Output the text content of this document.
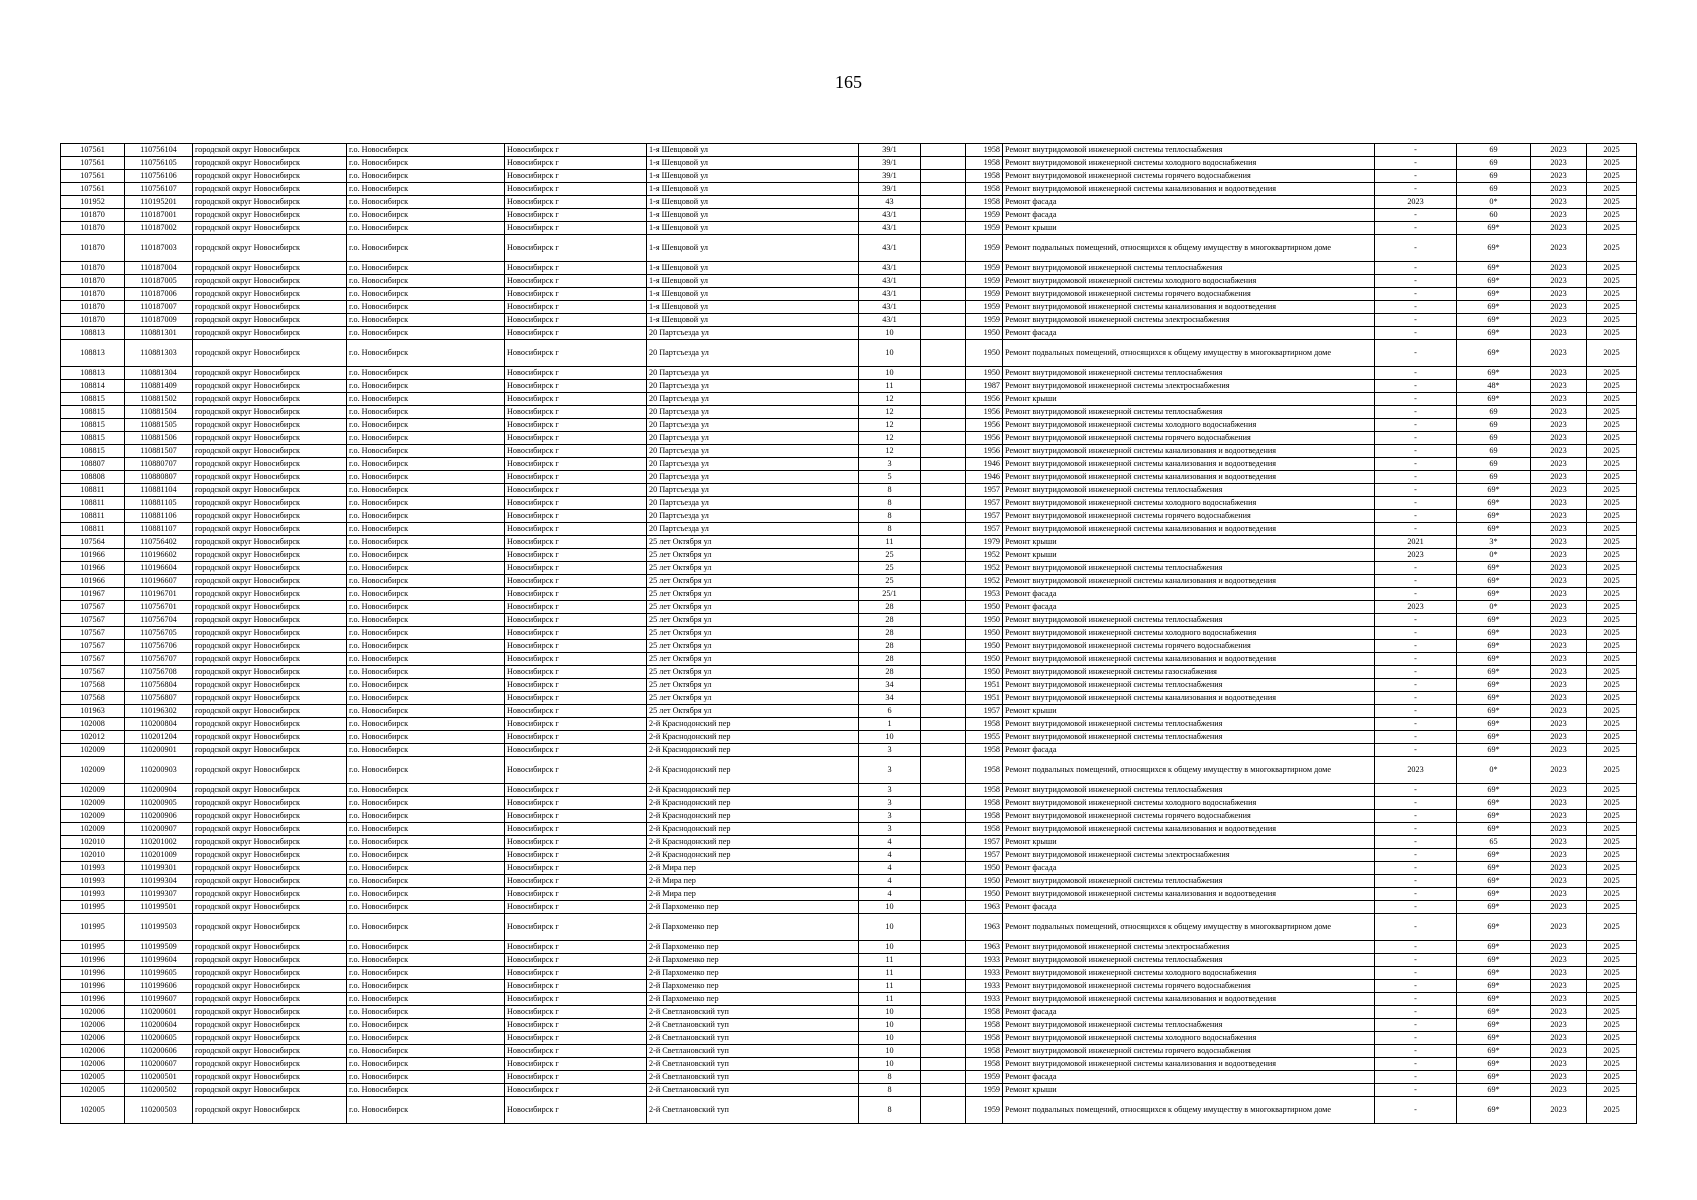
165
107561	110756104	городской округ Новосибирск	г.о. Новосибирск	Новосибирск г	1-я Шевцовой ул	39/1		1958	Ремонт внутридомовой инженерной системы теплоснабжения	-	69	2023	2025
107561	110756105	городской округ Новосибирск	г.о. Новосибирск	Новосибирск г	1-я Шевцовой ул	39/1		1958	Ремонт внутридомовой инженерной системы холодного водоснабжения	-	69	2023	2025
107561	110756106	городской округ Новосибирск	г.о. Новосибирск	Новосибирск г	1-я Шевцовой ул	39/1		1958	Ремонт внутридомовой инженерной системы горячего водоснабжения	-	69	2023	2025
107561	110756107	городской округ Новосибирск	г.о. Новосибирск	Новосибирск г	1-я Шевцовой ул	39/1		1958	Ремонт внутридомовой инженерной системы канализования и водоотведения	-	69	2023	2025
101952	110195201	городской округ Новосибирск	г.о. Новосибирск	Новосибирск г	1-я Шевцовой ул	43		1958	Ремонт фасада	2023	0*	2023	2025
101870	110187001	городской округ Новосибирск	г.о. Новосибирск	Новосибирск г	1-я Шевцовой ул	43/1		1959	Ремонт фасада	-	60	2023	2025
101870	110187002	городской округ Новосибирск	г.о. Новосибирск	Новосибирск г	1-я Шевцовой ул	43/1		1959	Ремонт крыши	-	69*	2023	2025
101870	110187003	городской округ Новосибирск	г.о. Новосибирск	Новосибирск г	1-я Шевцовой ул	43/1		1959	Ремонт подвальных помещений, относящихся к общему имуществу в многоквартирном доме	-	69*	2023	2025
101870	110187004	городской округ Новосибирск	г.о. Новосибирск	Новосибирск г	1-я Шевцовой ул	43/1		1959	Ремонт внутридомовой инженерной системы теплоснабжения	-	69*	2023	2025
101870	110187005	городской округ Новосибирск	г.о. Новосибирск	Новосибирск г	1-я Шевцовой ул	43/1		1959	Ремонт внутридомовой инженерной системы холодного водоснабжения	-	69*	2023	2025
101870	110187006	городской округ Новосибирск	г.о. Новосибирск	Новосибирск г	1-я Шевцовой ул	43/1		1959	Ремонт внутридомовой инженерной системы горячего водоснабжения	-	69*	2023	2025
101870	110187007	городской округ Новосибирск	г.о. Новосибирск	Новосибирск г	1-я Шевцовой ул	43/1		1959	Ремонт внутридомовой инженерной системы канализования и водоотведения	-	69*	2023	2025
101870	110187009	городской округ Новосибирск	г.о. Новосибирск	Новосибирск г	1-я Шевцовой ул	43/1		1959	Ремонт внутридомовой инженерной системы электроснабжения	-	69*	2023	2025
108813	110881301	городской округ Новосибирск	г.о. Новосибирск	Новосибирск г	20 Партсъезда ул	10		1950	Ремонт фасада	-	69*	2023	2025
108813	110881303	городской округ Новосибирск	г.о. Новосибирск	Новосибирск г	20 Партсъезда ул	10		1950	Ремонт подвальных помещений, относящихся к общему имуществу в многоквартирном доме	-	69*	2023	2025
108813	110881304	городской округ Новосибирск	г.о. Новосибирск	Новосибирск г	20 Партсъезда ул	10		1950	Ремонт внутридомовой инженерной системы теплоснабжения	-	69*	2023	2025
108814	110881409	городской округ Новосибирск	г.о. Новосибирск	Новосибирск г	20 Партсъезда ул	11		1987	Ремонт внутридомовой инженерной системы электроснабжения	-	48*	2023	2025
108815	110881502	городской округ Новосибирск	г.о. Новосибирск	Новосибирск г	20 Партсъезда ул	12		1956	Ремонт крыши	-	69*	2023	2025
108815	110881504	городской округ Новосибирск	г.о. Новосибирск	Новосибирск г	20 Партсъезда ул	12		1956	Ремонт внутридомовой инженерной системы теплоснабжения	-	69	2023	2025
108815	110881505	городской округ Новосибирск	г.о. Новосибирск	Новосибирск г	20 Партсъезда ул	12		1956	Ремонт внутридомовой инженерной системы холодного водоснабжения	-	69	2023	2025
108815	110881506	городской округ Новосибирск	г.о. Новосибирск	Новосибирск г	20 Партсъезда ул	12		1956	Ремонт внутридомовой инженерной системы горячего водоснабжения	-	69	2023	2025
108815	110881507	городской округ Новосибирск	г.о. Новосибирск	Новосибирск г	20 Партсъезда ул	12		1956	Ремонт внутридомовой инженерной системы канализования и водоотведения	-	69	2023	2025
108807	110880707	городской округ Новосибирск	г.о. Новосибирск	Новосибирск г	20 Партсъезда ул	3		1946	Ремонт внутридомовой инженерной системы канализования и водоотведения	-	69	2023	2025
108808	110880807	городской округ Новосибирск	г.о. Новосибирск	Новосибирск г	20 Партсъезда ул	5		1946	Ремонт внутридомовой инженерной системы канализования и водоотведения	-	69	2023	2025
108811	110881104	городской округ Новосибирск	г.о. Новосибирск	Новосибирск г	20 Партсъезда ул	8		1957	Ремонт внутридомовой инженерной системы теплоснабжения	-	69*	2023	2025
108811	110881105	городской округ Новосибирск	г.о. Новосибирск	Новосибирск г	20 Партсъезда ул	8		1957	Ремонт внутридомовой инженерной системы холодного водоснабжения	-	69*	2023	2025
108811	110881106	городской округ Новосибирск	г.о. Новосибирск	Новосибирск г	20 Партсъезда ул	8		1957	Ремонт внутридомовой инженерной системы горячего водоснабжения	-	69*	2023	2025
108811	110881107	городской округ Новосибирск	г.о. Новосибирск	Новосибирск г	20 Партсъезда ул	8		1957	Ремонт внутридомовой инженерной системы канализования и водоотведения	-	69*	2023	2025
107564	110756402	городской округ Новосибирск	г.о. Новосибирск	Новосибирск г	25 лет Октября ул	11		1979	Ремонт крыши	2021	3*	2023	2025
101966	110196602	городской округ Новосибирск	г.о. Новосибирск	Новосибирск г	25 лет Октября ул	25		1952	Ремонт крыши	2023	0*	2023	2025
101966	110196604	городской округ Новосибирск	г.о. Новосибирск	Новосибирск г	25 лет Октября ул	25		1952	Ремонт внутридомовой инженерной системы теплоснабжения	-	69*	2023	2025
101966	110196607	городской округ Новосибирск	г.о. Новосибирск	Новосибирск г	25 лет Октября ул	25		1952	Ремонт внутридомовой инженерной системы канализования и водоотведения	-	69*	2023	2025
101967	110196701	городской округ Новосибирск	г.о. Новосибирск	Новосибирск г	25 лет Октября ул	25/1		1953	Ремонт фасада	-	69*	2023	2025
107567	110756701	городской округ Новосибирск	г.о. Новосибирск	Новосибирск г	25 лет Октября ул	28		1950	Ремонт фасада	2023	0*	2023	2025
107567	110756704	городской округ Новосибирск	г.о. Новосибирск	Новосибирск г	25 лет Октября ул	28		1950	Ремонт внутридомовой инженерной системы теплоснабжения	-	69*	2023	2025
107567	110756705	городской округ Новосибирск	г.о. Новосибирск	Новосибирск г	25 лет Октября ул	28		1950	Ремонт внутридомовой инженерной системы холодного водоснабжения	-	69*	2023	2025
107567	110756706	городской округ Новосибирск	г.о. Новосибирск	Новосибирск г	25 лет Октября ул	28		1950	Ремонт внутридомовой инженерной системы горячего водоснабжения	-	69*	2023	2025
107567	110756707	городской округ Новосибирск	г.о. Новосибирск	Новосибирск г	25 лет Октября ул	28		1950	Ремонт внутридомовой инженерной системы канализования и водоотведения	-	69*	2023	2025
107567	110756708	городской округ Новосибирск	г.о. Новосибирск	Новосибирск г	25 лет Октября ул	28		1950	Ремонт внутридомовой инженерной системы газоснабжения	-	69*	2023	2025
107568	110756804	городской округ Новосибирск	г.о. Новосибирск	Новосибирск г	25 лет Октября ул	34		1951	Ремонт внутридомовой инженерной системы теплоснабжения	-	69*	2023	2025
107568	110756807	городской округ Новосибирск	г.о. Новосибирск	Новосибирск г	25 лет Октября ул	34		1951	Ремонт внутридомовой инженерной системы канализования и водоотведения	-	69*	2023	2025
101963	110196302	городской округ Новосибирск	г.о. Новосибирск	Новосибирск г	25 лет Октября ул	6		1957	Ремонт крыши	-	69*	2023	2025
102008	110200804	городской округ Новосибирск	г.о. Новосибирск	Новосибирск г	2-й Краснодонский пер	1		1958	Ремонт внутридомовой инженерной системы теплоснабжения	-	69*	2023	2025
102012	110201204	городской округ Новосибирск	г.о. Новосибирск	Новосибирск г	2-й Краснодонский пер	10		1955	Ремонт внутридомовой инженерной системы теплоснабжения	-	69*	2023	2025
102009	110200901	городской округ Новосибирск	г.о. Новосибирск	Новосибирск г	2-й Краснодонский пер	3		1958	Ремонт фасада	-	69*	2023	2025
102009	110200903	городской округ Новосибирск	г.о. Новосибирск	Новосибирск г	2-й Краснодонский пер	3		1958	Ремонт подвальных помещений, относящихся к общему имуществу в многоквартирном доме	2023	0*	2023	2025
102009	110200904	городской округ Новосибирск	г.о. Новосибирск	Новосибирск г	2-й Краснодонский пер	3		1958	Ремонт внутридомовой инженерной системы теплоснабжения	-	69*	2023	2025
102009	110200905	городской округ Новосибирск	г.о. Новосибирск	Новосибирск г	2-й Краснодонский пер	3		1958	Ремонт внутридомовой инженерной системы холодного водоснабжения	-	69*	2023	2025
102009	110200906	городской округ Новосибирск	г.о. Новосибирск	Новосибирск г	2-й Краснодонский пер	3		1958	Ремонт внутридомовой инженерной системы горячего водоснабжения	-	69*	2023	2025
102009	110200907	городской округ Новосибирск	г.о. Новосибирск	Новосибирск г	2-й Краснодонский пер	3		1958	Ремонт внутридомовой инженерной системы канализования и водоотведения	-	69*	2023	2025
102010	110201002	городской округ Новосибирск	г.о. Новосибирск	Новосибирск г	2-й Краснодонский пер	4		1957	Ремонт крыши	-	65	2023	2025
102010	110201009	городской округ Новосибирск	г.о. Новосибирск	Новосибирск г	2-й Краснодонский пер	4		1957	Ремонт внутридомовой инженерной системы электроснабжения	-	69*	2023	2025
101993	110199301	городской округ Новосибирск	г.о. Новосибирск	Новосибирск г	2-й Мира пер	4		1950	Ремонт фасада	-	69*	2023	2025
101993	110199304	городской округ Новосибирск	г.о. Новосибирск	Новосибирск г	2-й Мира пер	4		1950	Ремонт внутридомовой инженерной системы теплоснабжения	-	69*	2023	2025
101993	110199307	городской округ Новосибирск	г.о. Новосибирск	Новосибирск г	2-й Мира пер	4		1950	Ремонт внутридомовой инженерной системы канализования и водоотведения	-	69*	2023	2025
101995	110199501	городской округ Новосибирск	г.о. Новосибирск	Новосибирск г	2-й Пархоменко пер	10		1963	Ремонт фасада	-	69*	2023	2025
101995	110199503	городской округ Новосибирск	г.о. Новосибирск	Новосибирск г	2-й Пархоменко пер	10		1963	Ремонт подвальных помещений, относящихся к общему имуществу в многоквартирном доме	-	69*	2023	2025
101995	110199509	городской округ Новосибирск	г.о. Новосибирск	Новосибирск г	2-й Пархоменко пер	10		1963	Ремонт внутридомовой инженерной системы электроснабжения	-	69*	2023	2025
101996	110199604	городской округ Новосибирск	г.о. Новосибирск	Новосибирск г	2-й Пархоменко пер	11		1933	Ремонт внутридомовой инженерной системы теплоснабжения	-	69*	2023	2025
101996	110199605	городской округ Новосибирск	г.о. Новосибирск	Новосибирск г	2-й Пархоменко пер	11		1933	Ремонт внутридомовой инженерной системы холодного водоснабжения	-	69*	2023	2025
101996	110199606	городской округ Новосибирск	г.о. Новосибирск	Новосибирск г	2-й Пархоменко пер	11		1933	Ремонт внутридомовой инженерной системы горячего водоснабжения	-	69*	2023	2025
101996	110199607	городской округ Новосибирск	г.о. Новосибирск	Новосибирск г	2-й Пархоменко пер	11		1933	Ремонт внутридомовой инженерной системы канализования и водоотведения	-	69*	2023	2025
102006	110200601	городской округ Новосибирск	г.о. Новосибирск	Новосибирск г	2-й Светлановский туп	10		1958	Ремонт фасада	-	69*	2023	2025
102006	110200604	городской округ Новосибирск	г.о. Новосибирск	Новосибирск г	2-й Светлановский туп	10		1958	Ремонт внутридомовой инженерной системы теплоснабжения	-	69*	2023	2025
102006	110200605	городской округ Новосибирск	г.о. Новосибирск	Новосибирск г	2-й Светлановский туп	10		1958	Ремонт внутридомовой инженерной системы холодного водоснабжения	-	69*	2023	2025
102006	110200606	городской округ Новосибирск	г.о. Новосибирск	Новосибирск г	2-й Светлановский туп	10		1958	Ремонт внутридомовой инженерной системы горячего водоснабжения	-	69*	2023	2025
102006	110200607	городской округ Новосибирск	г.о. Новосибирск	Новосибирск г	2-й Светлановский туп	10		1958	Ремонт внутридомовой инженерной системы канализования и водоотведения	-	69*	2023	2025
102005	110200501	городской округ Новосибирск	г.о. Новосибирск	Новосибирск г	2-й Светлановский туп	8		1959	Ремонт фасада	-	69*	2023	2025
102005	110200502	городской округ Новосибирск	г.о. Новосибирск	Новосибирск г	2-й Светлановский туп	8		1959	Ремонт крыши	-	69*	2023	2025
102005	110200503	городской округ Новосибирск	г.о. Новосибирск	Новосибирск г	2-й Светлановский туп	8		1959	Ремонт подвальных помещений, относящихся к общему имуществу в многоквартирном доме	-	69*	2023	2025
